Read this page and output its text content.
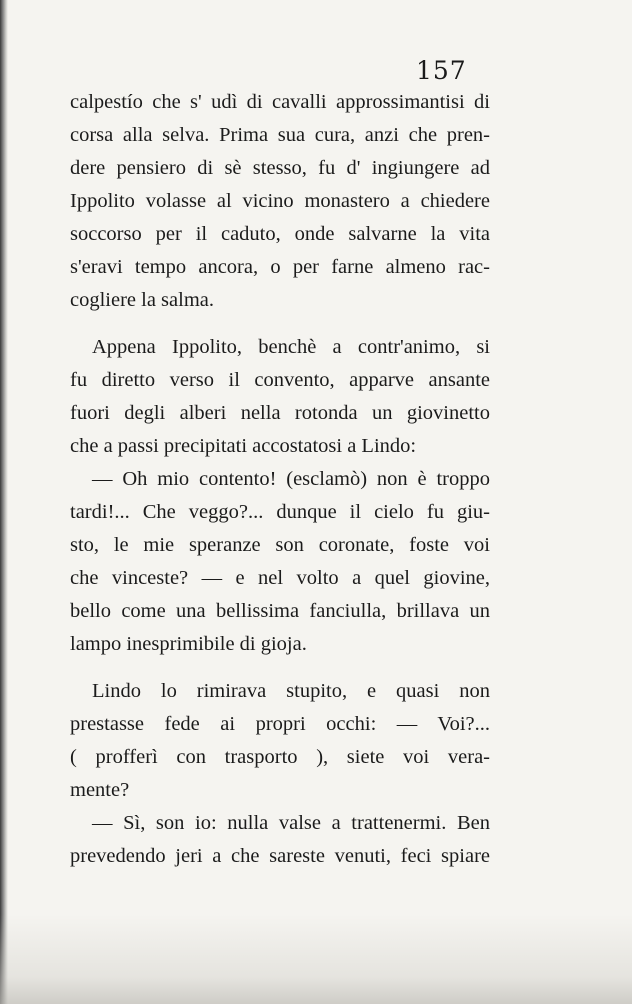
157
calpestío che s' udì di cavalli approssimantisi di
corsa alla selva. Prima sua cura, anzi che pren-
dere pensiero di sè stesso, fu d' ingiungere ad
Ippolito volasse al vicino monastero a chiedere
soccorso per il caduto, onde salvarne la vita
s'eravi tempo ancora, o per farne almeno rac-
cogliere la salma.
Appena Ippolito, benchè a contr'animo, si
fu diretto verso il convento, apparve ansante
fuori degli alberi nella rotonda un giovinetto
che a passi precipitati accostatosi a Lindo:
— Oh mio contento! (esclamò) non è troppo
tardi!... Che veggo?... dunque il cielo fu giu-
sto, le mie speranze son coronate, foste voi
che vinceste? — e nel volto a quel giovine,
bello come una bellissima fanciulla, brillava un
lampo inesprimibile di gioja.
Lindo lo rimirava stupito, e quasi non
prestasse fede ai propri occhi: — Voi?...
( profferì con trasporto ), siete voi vera-
mente?
— Sì, son io: nulla valse a trattenermi. Ben
prevedendo jeri a che sareste venuti, feci spiare
